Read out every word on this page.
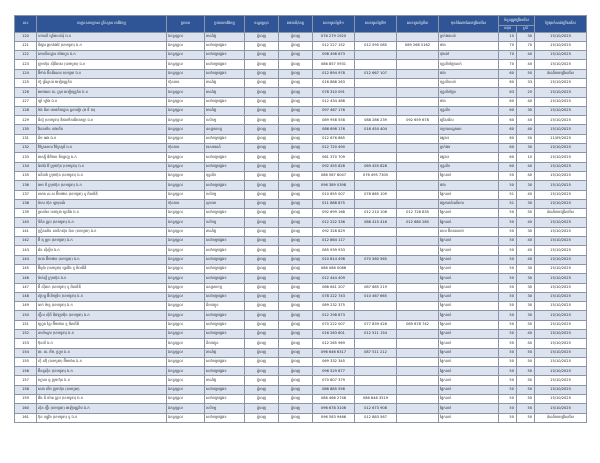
ល.រ	ឈ្មោះសហគ្រាស គ្រឹះស្ថាន អាជីវកម្ម	ប្រភេទ	ប្រភេទអាជីវកម្ម	ខណ្ឌ/ស្រុក	រាជធានី/ខេត្ត	លេខទូរស័ព្ទទី១	លេខទូរស័ព្ទទី២	លេខទូរស័ព្ទទី៣	មុខតំណែងដែលជ្រើសរើស	ចំនួនត្រូវជ្រើសរើស		ថ្ងៃផុតកំណត់ជ្រើសរើស
										សរុប	ស្រី	
120	ហាងលី ឃ្លាំងលក់ដុំ ឯ.ក	ឯកត្តបុគ្គល	ពាណិជ្ជ	ភ្នំពេញ	ភ្នំពេញ	076 279 1920			ភ្នាក់ងារលក់	10	30	15/10/2025
121	ទីផ្សារ ឆ្លាតវាងវៃ (ខេមបូឌា) ឯ.ក	ឯកត្តបុគ្គល	សេវាកម្មផ្សេងៗ	ភ្នំពេញ	ភ្នំពេញ	012 227 152	012 595 085	089 268 5162	ជាង	70	70	15/10/2025
122	ភោជនីយដ្ឋាន ម៉េងហួត ឯ.ក	ឯកត្តបុគ្គល	សេវាកម្មផ្សេងៗ	ភ្នំពេញ	ភ្នំពេញ	098 496 673			ចុងភៅ	70	40	15/10/2025
123	ក្រុមហ៊ុន ស៊ីភីអេស (ខេមបូឌា) ឯ.ក	ឯកត្តបុគ្គល	សេវាកម្មផ្សេងៗ	ភ្នំពេញ	ភ្នំពេញ	086 857 5931			បុគ្គលិកផ្នែកលក់	70	40	15/10/2025
124	អ៊ីថាន់ អ៊ីនធឺណេត ខេមបូឌា ឯ.ក	ឯកត្តបុគ្គល	សេវាកម្មផ្សេងៗ	ភ្នំពេញ	ភ្នំពេញ	012 894 978	012 667 107		ជាង	60	50	ដំណើរការជ្រើសរើស
125	ហ៊ូ គ្រីស្តាល់ អេឡិចត្រូនិច	ហ៊ុនភាគ	ពាណិជ្ជ	ភ្នំពេញ	ភ្នំពេញ	016 888 263			បុគ្គលិកលក់	60	33	15/10/2025
126	អេមអេស ខេ. គ្រុប អេឡិចត្រូនិច ឯ.ក	ឯកត្តបុគ្គល	ពាណិជ្ជ	ភ្នំពេញ	ភ្នំពេញ	078 310 091			បុគ្គលិកផ្នែក	63	25	15/10/2025
127	ឡាំ ឃ្លាំង ឯ.ក	ឯកត្តបុគ្គល	សេវាកម្មផ្សេងៗ	ភ្នំពេញ	ភ្នំពេញ	012 434 488			ជាង	60	40	15/10/2025
128	ម៉ង់ ធីតា ភោជនីយដ្ឋាន ស្រាបៀរ (ផ ទី ៣)	ឯកត្តបុគ្គល	ពាណិជ្ជ	ភ្នំពេញ	ភ្នំពេញ	097 467 176			បុគ្គលិក	60	30	15/10/2025
129	ឌឹស៊ូ (ខេមបូឌា) ឌីផលមិនធើរាងចក្រ ឯ.ក	ឯកត្តបុគ្គល	កសិកម្ម	ភ្នំពេញ	ភ្នំពេញ	089 958 558	088 286 239	092 659 678	ជ្រើសរើស	60	40	15/10/2025
130	វីដេនយិន ខាងកើត	ឯកត្តបុគ្គល	ឧស្សាហកម្ម	ភ្នំពេញ	ភ្នំពេញ	086 698 176	016 454 404		កម្មករសណ្ឋាគារ	60	40	15/10/2025
131	គីម ឆេង ឯ.ក	ឯកត្តបុគ្គល	សេវាកម្មផ្សេងៗ	ភ្នំពេញ	ភ្នំពេញ	012 676 865			ផ្សេងៗ	60	50	11/09/2025
132	វិចិត្រសាល វិចិត្រកូរ៉េ ឯ.ក	ហ៊ុនភាគ	ទេសចរណ៍	ភ្នំពេញ	ភ្នំពេញ	012 720 490			ភ្នាក់ងារ	60	30	15/10/2025
133	អេស្ស៊ី ឌីជីថល ឌីហ្សាញ ឯ.ក	ឯកត្តបុគ្គល	សេវាកម្មផ្សេងៗ	ភ្នំពេញ	ភ្នំពេញ	081 370 709			ផ្សេងៗ	60	10	15/10/2025
134	ប៉ាវឌ័រ វ៉ៃ ក្រុមហ៊ុន (ខេមបូឌា) ឯ.ក	ឯកត្តបុគ្គល	សេវាកម្មផ្សេងៗ	ភ្នំពេញ	ភ្នំពេញ	092 455 828	069 455 828		បុគ្គលិក	60	40	15/10/2025
135	ធនីដារ៉ា ក្រុមហ៊ុន (ខេមបូឌា) ឯ.ក	ឯកត្តបុគ្គល	បុគ្គលិក	ភ្នំពេញ	ភ្នំពេញ	086 567 8047	076 495 7305		ផ្នែកលក់	50	40	15/10/2025
136	អេម ពី ក្រុមហ៊ុន (ខេមបូឌា) ឯ.ក	ឯកត្តបុគ្គល	សេវាកម្មផ្សេងៗ	ភ្នំពេញ	ភ្នំពេញ	096 389 0398			ជាង	50	30	15/10/2025
137	ឈាង ស.ស អ៊ីមផោត (ខេមបូឌា) ខូ អិលធីឌី	ឯកត្តបុគ្គល	កសិកម្ម	ភ្នំពេញ	ភ្នំពេញ	010 655 007	078 865 109		ផ្នែកលក់	51	40	15/10/2025
138	ម៉ាស ហ៊ុន ឡាមុនធ័រ	ហ៊ុនភាគ	ស្ថាបនា	ភ្នំពេញ	ភ្នំពេញ	011 888 875			អង្គភាពដំណើរការ	51	30	15/10/2025
139	ប្រាយ័ស ខេមបូឌា ត្រេឌីង ឯ.ក	ឯកត្តបុគ្គល	សេវាកម្មផ្សេងៗ	ភ្នំពេញ	ភ្នំពេញ	092 699 168	012 210 108	012 728 835	ផ្នែកលក់	50	50	ដំណើរការជ្រើសរើស
140	ទីតិន គ្រុប (ខេមបូឌា) ឯ.ក	ឯកត្តបុគ្គល	កសិកម្ម	ភ្នំពេញ	ភ្នំពេញ	012 222 336	086 415 416	012 680 280	ផ្នែកលក់	50	40	15/10/2025
141	ហ្គ្រីនឈិន សានិកស៊ុន ប៉ាក (ខេមបូឌា) ឯ.ក	ឯកត្តបុគ្គល	ពាណិជ្ជ	ភ្នំពេញ	ភ្នំពេញ	092 328 829			ពេល អ៊ិតឥតឈប់	50	30	15/10/2025
142	អ៊ី ឌុ គ្រុប (ខេមបូឌា) ឯ.ក	ឯកត្តបុគ្គល	សេវាកម្មផ្សេងៗ	ភ្នំពេញ	ភ្នំពេញ	012 864 117			ផ្នែកលក់	50	40	15/10/2025
143	វ៉េន ស៊ីស្ទឹម ឯ.ក	ឯកត្តបុគ្គល	សេវាកម្មផ្សេងៗ	ភ្នំពេញ	ភ្នំពេញ	085 939 933			ផ្នែកលក់	50	40	15/10/2025
144	ហេង អ៊ីមផោត (ខេមបូឌា) ឯ.ក	ឯកត្តបុគ្គល	សេវាកម្មផ្សេងៗ	ភ្នំពេញ	ភ្នំពេញ	010 814 498	070 560 565		ផ្នែកលក់	50	40	15/10/2025
145	អ៊ីធូប៉ា (ខេមបូឌា) ត្រេឌីង ខូ អិលធីឌី	ឯកត្តបុគ្គល	សេវាកម្មផ្សេងៗ	ភ្នំពេញ	ភ្នំពេញ	086 086 0086			ផ្នែកលក់	50	30	15/10/2025
146	ម៉ាត់ស្ទឺ ក្រុមហ៊ុន ឯ.ក	ឯកត្តបុគ្គល	សេវាកម្មផ្សេងៗ	ភ្នំពេញ	ភ្នំពេញ	012 444 409			ផ្នែកលក់	50	30	15/10/2025
147	អ៊ី សុីតេក (ខេមបូឌា) ខូ អិលធីឌី	ឯកត្តបុគ្គល	ឧស្សាហកម្ម	ភ្នំពេញ	ភ្នំពេញ	086 641 207	087 685 219		ផ្នែកលក់	50	30	15/10/2025
148	ស៊ូហ្សូ អ៊ីលិចទ្រិច (ខេមបូឌា) ឯ.ក	ឯកត្តបុគ្គល	សេវាកម្មផ្សេងៗ	ភ្នំពេញ	ភ្នំពេញ	078 222 743	010 467 665		ផ្នែកលក់	50	30	15/10/2025
149	បាក់ ម៉ាតូ (ខេមបូឌា) ឯ.ក	ឯកត្តបុគ្គល	ដឹកជញ្ជូន	ភ្នំពេញ	ភ្នំពេញ	089 232 375			ផ្នែកលក់	50	30	15/10/2025
150	ហ្វ៊ីល ស៊ីធី ឌីវេឡុបម៉ិន (ខេមបូឌា) ឯ.ក	ឯកត្តបុគ្គល	សេវាកម្មផ្សេងៗ	ភ្នំពេញ	ភ្នំពេញ	012 298 873			ផ្នែកលក់	50	30	15/10/2025
151	ហ្គ្រេត ខ្មែរ អ៊ីមផោត ខូ អិលធីឌី	ឯកត្តបុគ្គល	សេវាកម្មផ្សេងៗ	ភ្នំពេញ	ភ្នំពេញ	070 222 007	077 839 428	089 678 742	ផ្នែកលក់	50	50	15/10/2025
152	ដាយ៉ាស្តារ (ខេមបូឌា) ឯ.ក	ឯកត្តបុគ្គល	សេវាកម្មផ្សេងៗ	ភ្នំពេញ	ភ្នំពេញ	016 263 601	012 511 154		ផ្នែកលក់	50	40	15/10/2025
153	ប៊ុនលី ឯ.ក	ឯកត្តបុគ្គល	ដឹកជញ្ជូន	ភ្នំពេញ	ភ្នំពេញ	012 265 969			ផ្នែកលក់	50	40	15/10/2025
154	អេ. ភេ. អឹម. ហ្គ្រុប ឯ.ក	ឯកត្តបុគ្គល	ពាណិជ្ជ	ភ្នំពេញ	ភ្នំពេញ	096 646 6317	087 511 212		ផ្នែកលក់	50	50	15/10/2025
155	ស៊ី ដប៊ុំ (ខេមបូឌា) អ៊ីមផោត ឯ.ក	ឯកត្តបុគ្គល	សេវាកម្មផ្សេងៗ	ភ្នំពេញ	ភ្នំពេញ	069 332 345			ផ្នែកលក់	50	50	15/10/2025
156	អ៊ីនឌូស៊ីន (ខេមបូឌា) ឯ.ក	ឯកត្តបុគ្គល	សេវាកម្មផ្សេងៗ	ភ្នំពេញ	ភ្នំពេញ	096 529 877			ផ្នែកលក់	50	50	15/10/2025
157	ហ្គោល ធូ ក្រុមហ៊ុន ឯ.ក	ឯកត្តបុគ្គល	ពាណិជ្ជ	ភ្នំពេញ	ភ្នំពេញ	070 807 379			ផ្នែកលក់	50	50	15/10/2025
158	សេង លីម ក្រុមហ៊ុន (ខេមបូឌា)	ឯកត្តបុគ្គល	សេវាកម្មផ្សេងៗ	ភ្នំពេញ	ភ្នំពេញ	086 885 556			ផ្នែកលក់	50	50	15/10/2025
159	ជីង ធី យ៉ាត គ្រុប (ខេមបូឌា) ឯ.ក	ឯកត្តបុគ្គល	សេវាកម្មផ្សេងៗ	ភ្នំពេញ	ភ្នំពេញ	086 466 2748	086 846 3519		ផ្នែកលក់	50	50	15/10/2025
160	ស៊ិន ហ្វ៊ឺរ (ខេមបូឌា) អេឡិចត្រូនិច ឯ.ក	ឯកត្តបុគ្គល	កសិកម្ម	ភ្នំពេញ	ភ្នំពេញ	096 678 3106	012 673 908		ផ្នែកលក់	50	50	15/10/2025
161	ប៊ុន ហ្សូរ៉ិង (ខេមបូឌា) ខូ ឯ.ក	ឯកត្តបុគ្គល	សេវាកម្មផ្សេងៗ	ភ្នំពេញ	ភ្នំពេញ	096 583 9466	012 883 567		ផ្នែកលក់	50	50	ដំណើរការជ្រើសរើស
